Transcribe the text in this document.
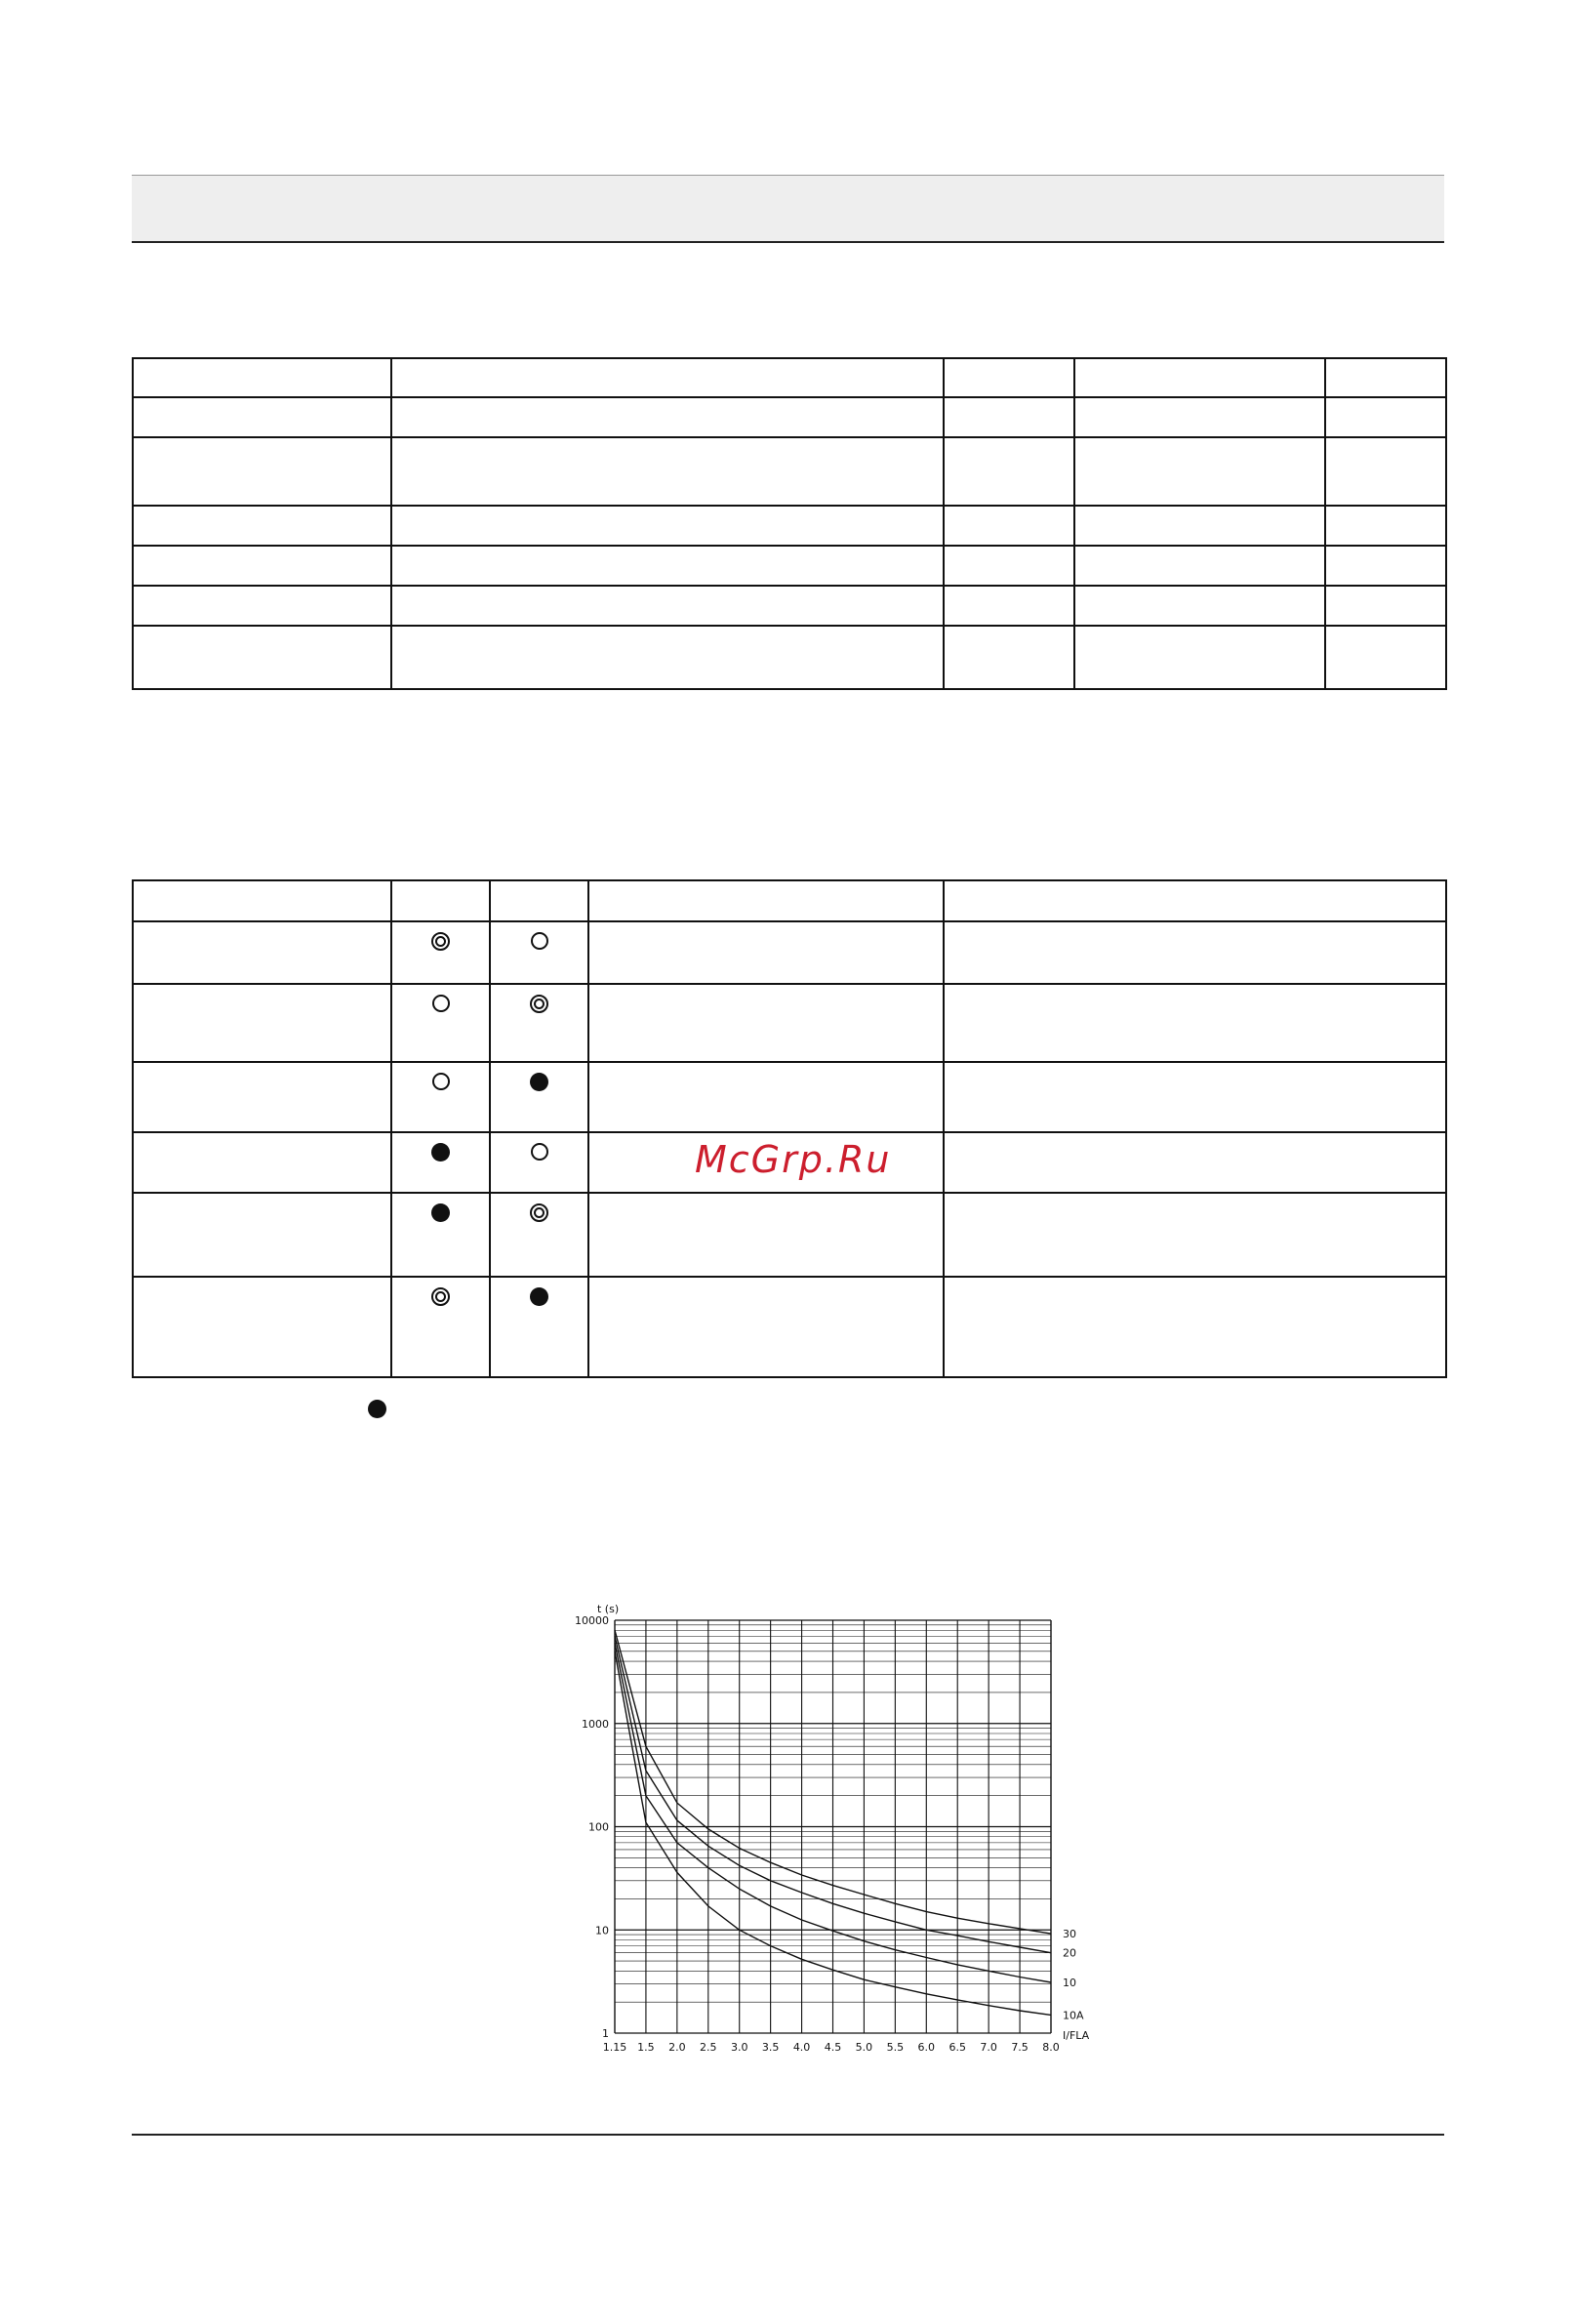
McGrp.Ru
10000
1000
100
10
1
1.15 1.5 2.0 2.5 3.0 3.5 4.0 4.5 5.0 5.5 6.0 6.5 7.0 7.5 8.0
t (s)
I/FLA
30
20
10
10A
